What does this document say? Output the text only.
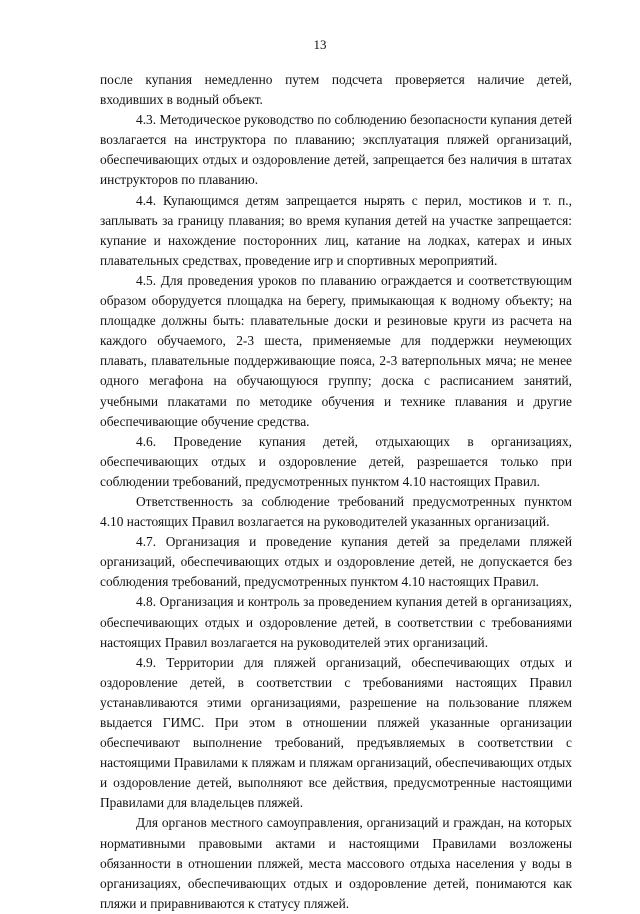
13

после купания немедленно путем подсчета проверяется наличие детей, входивших в водный объект.

4.3. Методическое руководство по соблюдению безопасности купания детей возлагается на инструктора по плаванию; эксплуатация пляжей организаций, обеспечивающих отдых и оздоровление детей, запрещается без наличия в штатах инструкторов по плаванию.

4.4. Купающимся детям запрещается нырять с перил, мостиков и т. п., заплывать за границу плавания; во время купания детей на участке запрещается: купание и нахождение посторонних лиц, катание на лодках, катерах и иных плавательных средствах, проведение игр и спортивных мероприятий.

4.5. Для проведения уроков по плаванию ограждается и соответствующим образом оборудуется площадка на берегу, примыкающая к водному объекту; на площадке должны быть: плавательные доски и резиновые круги из расчета на каждого обучаемого, 2-3 шеста, применяемые для поддержки неумеющих плавать, плавательные поддерживающие пояса, 2-3 ватерпольных мяча; не менее одного мегафона на обучающуюся группу; доска с расписанием занятий, учебными плакатами по методике обучения и технике плавания и другие обеспечивающие обучение средства.

4.6. Проведение купания детей, отдыхающих в организациях, обеспечивающих отдых и оздоровление детей, разрешается только при соблюдении требований, предусмотренных пунктом 4.10 настоящих Правил.

Ответственность за соблюдение требований предусмотренных пунктом 4.10 настоящих Правил возлагается на руководителей указанных организаций.

4.7. Организация и проведение купания детей за пределами пляжей организаций, обеспечивающих отдых и оздоровление детей, не допускается без соблюдения требований, предусмотренных пунктом 4.10 настоящих Правил.

4.8. Организация и контроль за проведением купания детей в организациях, обеспечивающих отдых и оздоровление детей, в соответствии с требованиями настоящих Правил возлагается на руководителей этих организаций.

4.9. Территории для пляжей организаций, обеспечивающих отдых и оздоровление детей, в соответствии с требованиями настоящих Правил устанавливаются этими организациями, разрешение на пользование пляжем выдается ГИМС. При этом в отношении пляжей указанные организации обеспечивают выполнение требований, предъявляемых в соответствии с настоящими Правилами к пляжам и пляжам организаций, обеспечивающих отдых и оздоровление детей, выполняют все действия, предусмотренные настоящими Правилами для владельцев пляжей.

Для органов местного самоуправления, организаций и граждан, на которых нормативными правовыми актами и настоящими Правилами возложены обязанности в отношении пляжей, места массового отдыха населения у воды в организациях, обеспечивающих отдых и оздоровление детей, понимаются как пляжи и приравниваются к статусу пляжей.
